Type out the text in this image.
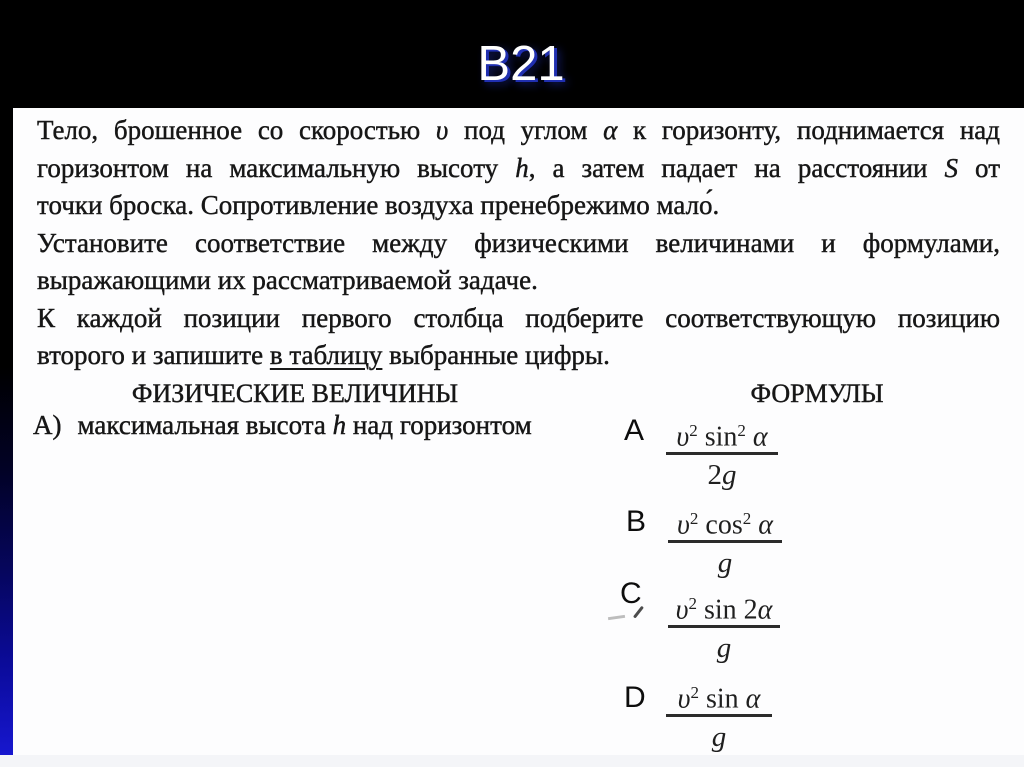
B21
Тело, брошенное со скоростью υ под углом α к горизонту, поднимается над
горизонтом на максимальную высоту h, а затем падает на расстоянии S от
точки броска. Сопротивление воздуха пренебрежимо мало́.
Установите соответствие между физическими величинами и формулами,
выражающими их рассматриваемой задаче.
К каждой позиции первого столбца подберите соответствующую позицию
второго и запишите в таблицу выбранные цифры.
ФИЗИЧЕСКИЕ ВЕЛИЧИНЫ	ФОРМУЛЫ
А) максимальная высота h над горизонтом	A
B
C
D
$\upsilon^2$ $\sin^2 \alpha$
2g
$\upsilon^2$ $\cos^2 \alpha$
g
$\upsilon^2$ sin 2α
g
$\upsilon^2$ sin α
g
